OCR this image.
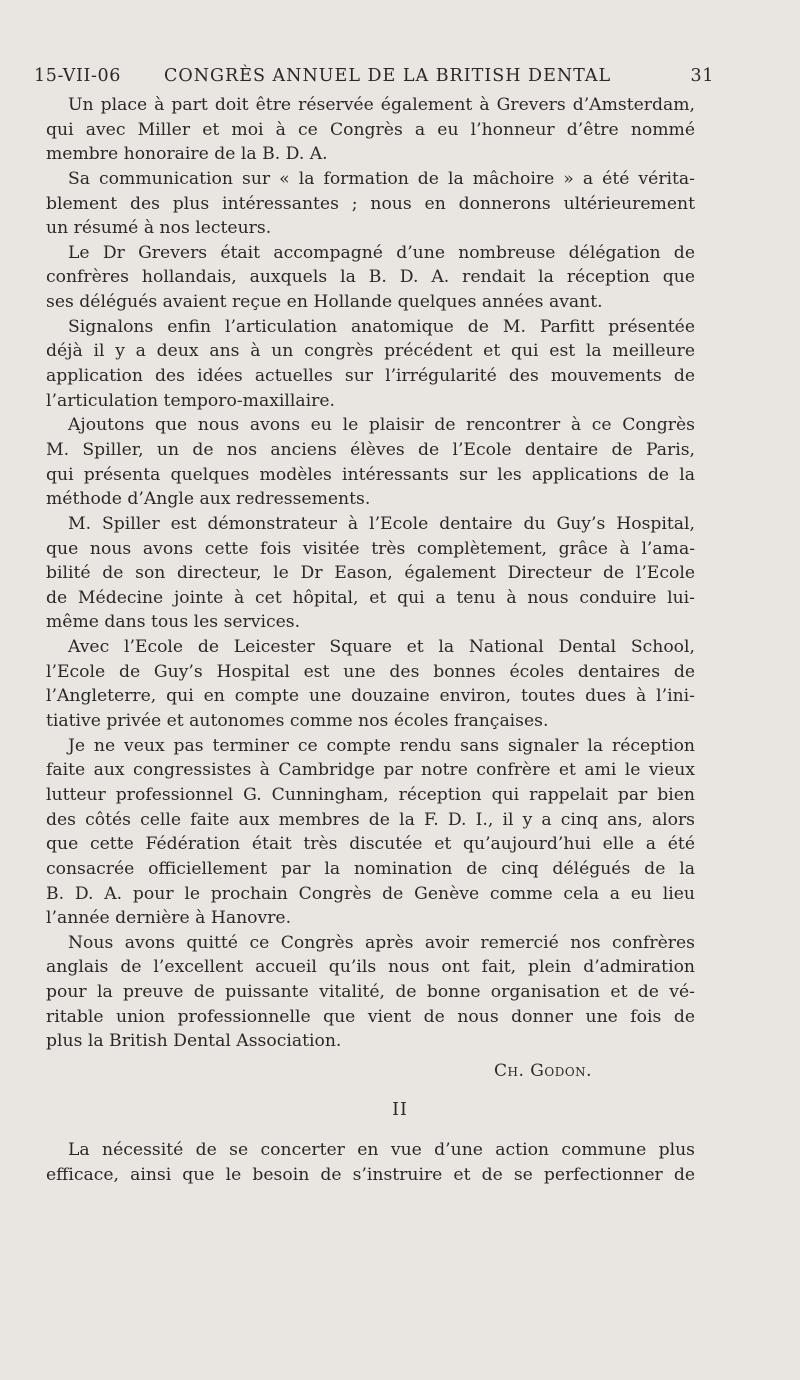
15-VII-06 CONGRÈS ANNUEL DE LA BRITISH DENTAL	31
Un place à part doit être réservée également à Grevers d’Amsterdam,
qui avec Miller et moi à ce Congrès a eu l’honneur d’être nommé
membre honoraire de la B. D. A.
Sa communication sur « la formation de la mâchoire » a été vérita-
blement des plus intéressantes ; nous en donnerons ultérieurement
un résumé à nos lecteurs.
Le Dr Grevers était accompagné d’une nombreuse délégation de
confrères hollandais, auxquels la B. D. A. rendait la réception que
ses délégués avaient reçue en Hollande quelques années avant.
Signalons enfin l’articulation anatomique de M. Parfitt présentée
déjà il y a deux ans à un congrès précédent et qui est la meilleure
application des idées actuelles sur l’irrégularité des mouvements de
l’articulation temporo-maxillaire.
Ajoutons que nous avons eu le plaisir de rencontrer à ce Congrès
M. Spiller, un de nos anciens élèves de l’Ecole dentaire de Paris,
qui présenta quelques modèles intéressants sur les applications de la
méthode d’Angle aux redressements.
M. Spiller est démonstrateur à l’Ecole dentaire du Guy’s Hospital,
que nous avons cette fois visitée très complètement, grâce à l’ama-
bilité de son directeur, le Dr Eason, également Directeur de l’Ecole
de Médecine jointe à cet hôpital, et qui a tenu à nous conduire lui-
même dans tous les services.
Avec l’Ecole de Leicester Square et la National Dental School,
l’Ecole de Guy’s Hospital est une des bonnes écoles dentaires de
l’Angleterre, qui en compte une douzaine environ, toutes dues à l’ini-
tiative privée et autonomes comme nos écoles françaises.
Je ne veux pas terminer ce compte rendu sans signaler la réception
faite aux congressistes à Cambridge par notre confrère et ami le vieux
lutteur professionnel G. Cunningham, réception qui rappelait par bien
des côtés celle faite aux membres de la F. D. I., il y a cinq ans, alors
que cette Fédération était très discutée et qu’aujourd’hui elle a été
consacrée officiellement par la nomination de cinq délégués de la
B. D. A. pour le prochain Congrès de Genève comme cela a eu lieu
l’année dernière à Hanovre.
Nous avons quitté ce Congrès après avoir remercié nos confrères
anglais de l’excellent accueil qu’ils nous ont fait, plein d’admiration
pour la preuve de puissante vitalité, de bonne organisation et de vé-
ritable union professionnelle que vient de nous donner une fois de
plus la British Dental Association.
Ch. Godon.
II
La nécessité de se concerter en vue d’une action commune plus
efficace, ainsi que le besoin de s’instruire et de se perfectionner de
